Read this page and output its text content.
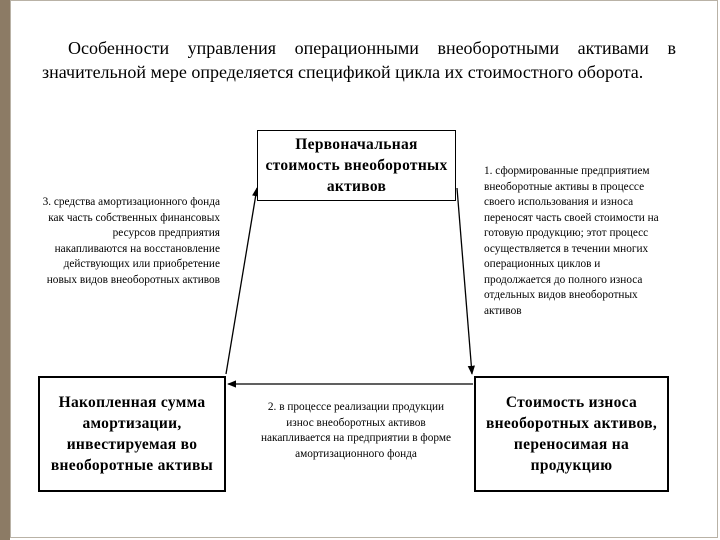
Особенности управления операционными внеоборотными активами в значительной мере определяется спецификой цикла их стоимостного оборота.

Первоначальная стоимость внеоборотных активов
Накопленная сумма амортизации, инвестируемая во внеоборотные активы
Стоимость износа внеоборотных активов, переносимая на продукцию

1. сформированные предприятием внеоборотные активы в процессе своего использования и износа переносят часть своей стоимости на готовую продукцию; этот процесс осуществляется в течении многих операционных циклов и продолжается до полного износа отдельных видов внеоборотных активов

2. в процессе реализации продукции износ внеоборотных активов накапливается на предприятии в форме амортизационного фонда

3. средства амортизационного фонда как часть собственных финансовых ресурсов предприятия накапливаются на восстановление действующих или приобретение новых видов внеоборотных активов
